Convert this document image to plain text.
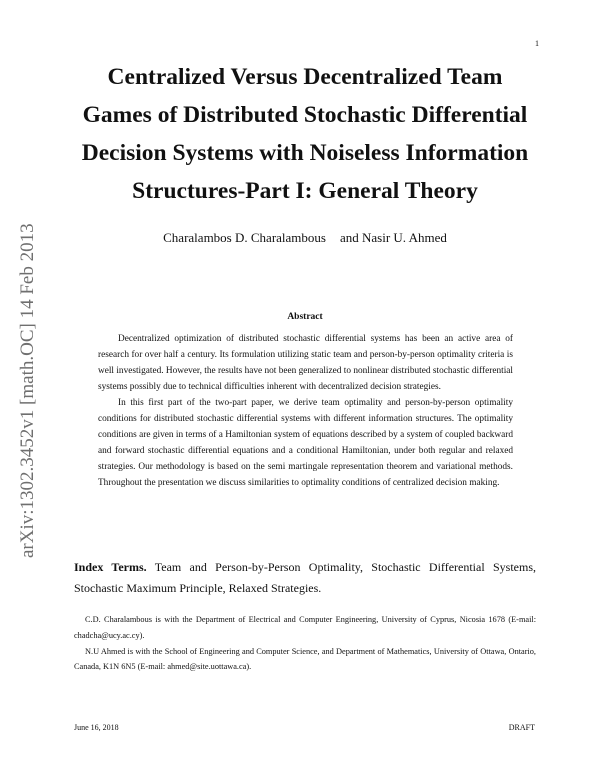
1
arXiv:1302.3452v1 [math.OC] 14 Feb 2013
Centralized Versus Decentralized Team
Games of Distributed Stochastic Differential
Decision Systems with Noiseless Information
Structures-Part I: General Theory
Charalambos D. Charalambous and Nasir U. Ahmed
Abstract

Decentralized optimization of distributed stochastic differential systems has been an active area of research for over half a century. Its formulation utilizing static team and person-by-person optimality criteria is well investigated. However, the results have not been generalized to nonlinear distributed stochastic differential systems possibly due to technical difficulties inherent with decentralized decision strategies.

In this first part of the two-part paper, we derive team optimality and person-by-person optimality conditions for distributed stochastic differential systems with different information structures. The optimality conditions are given in terms of a Hamiltonian system of equations described by a system of coupled backward and forward stochastic differential equations and a conditional Hamiltonian, under both regular and relaxed strategies. Our methodology is based on the semi martingale representation theorem and variational methods. Throughout the presentation we discuss similarities to optimality conditions of centralized decision making.

Index Terms. Team and Person-by-Person Optimality, Stochastic Differential Systems, Stochastic Maximum Principle, Relaxed Strategies.

C.D. Charalambous is with the Department of Electrical and Computer Engineering, University of Cyprus, Nicosia 1678 (E-mail: chadcha@ucy.ac.cy).

N.U Ahmed is with the School of Engineering and Computer Science, and Department of Mathematics, University of Ottawa, Ontario, Canada, K1N 6N5 (E-mail: ahmed@site.uottawa.ca).

June 16, 2018	DRAFT
